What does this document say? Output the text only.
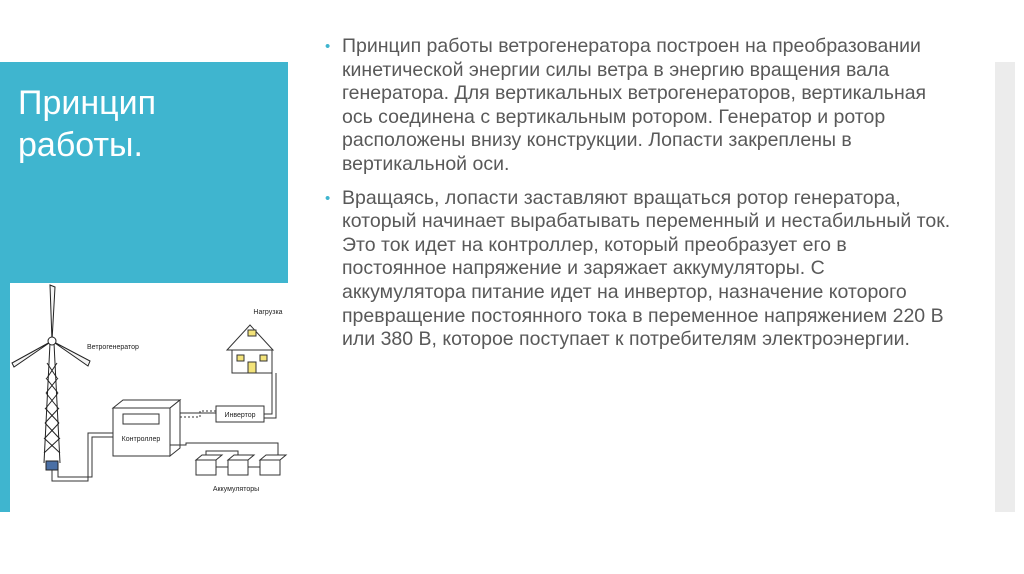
Принцип работы.
Ветрогенератор
Нагрузка
Инвертор
Контроллер
Аккумуляторы
• Принцип работы ветрогенератора построен на преобразовании кинетической энергии силы ветра в энергию вращения вала генератора. Для вертикальных ветрогенераторов, вертикальная ось соединена с вертикальным ротором. Генератор и ротор расположены внизу конструкции. Лопасти закреплены в вертикальной оси.
• Вращаясь, лопасти заставляют вращаться ротор генератора, который начинает вырабатывать переменный и нестабильный ток. Это ток идет на контроллер, который преобразует его в постоянное напряжение и заряжает аккумуляторы. С аккумулятора питание идет на инвертор, назначение которого превращение постоянного тока в переменное напряжением 220 В или 380 В, которое поступает к потребителям электроэнергии.
